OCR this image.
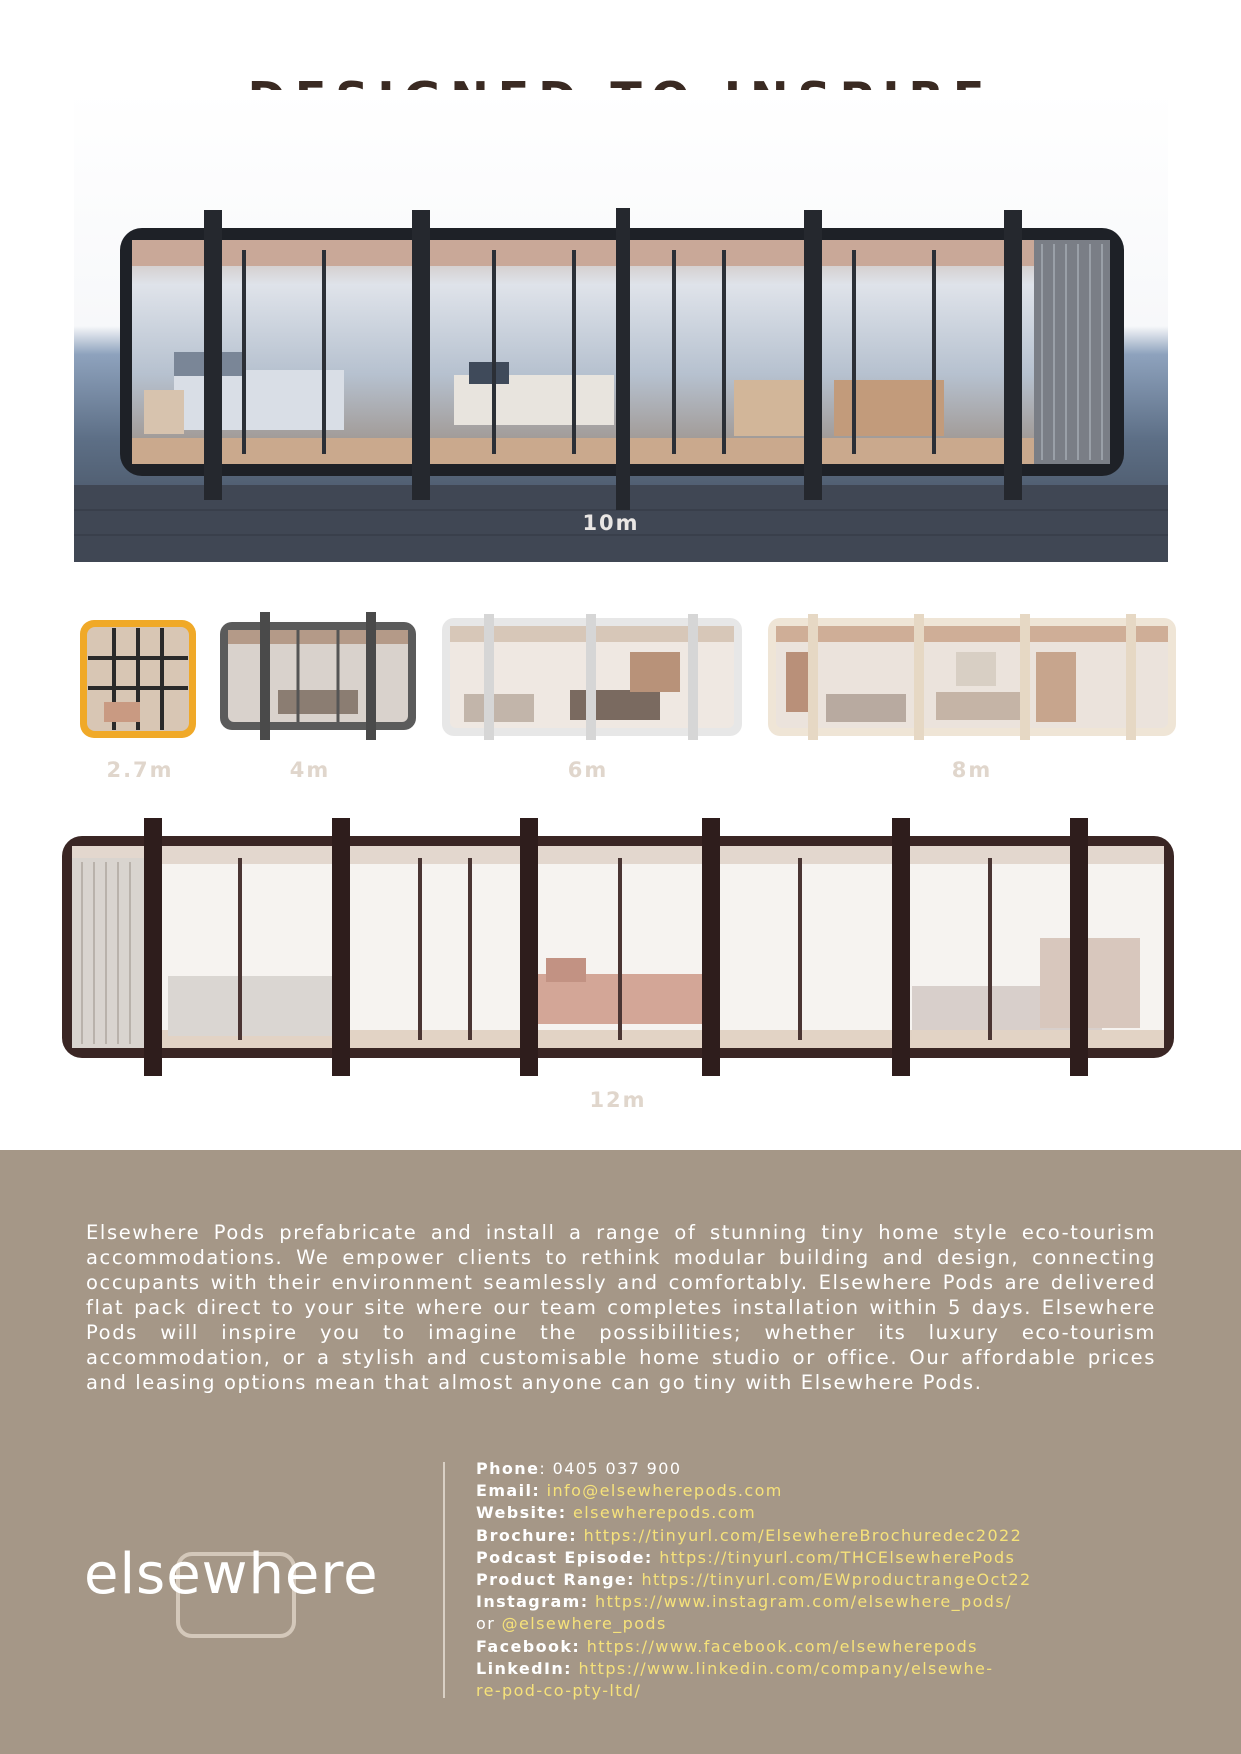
10m
2.7m	4m	6m	8m
12m

Elsewhere Pods prefabricate and install a range of stunning tiny home style eco-tourism accommodations. We empower clients to rethink modular building and design, connecting occupants with their environment seamlessly and comfortably. Elsewhere Pods are delivered flat pack direct to your site where our team completes installation within 5 days. Elsewhere Pods will inspire you to imagine the possibilities; whether its luxury eco-tourism accommodation, or a stylish and customisable home studio or office. Our affordable prices and leasing options mean that almost anyone can go tiny with Elsewhere Pods.

elsewhere
Phone: 0405 037 900
Email: info@elsewherepods.com
Website: elsewherepods.com
Brochure: https://tinyurl.com/ElsewhereBrochuredec2022
Podcast Episode: https://tinyurl.com/THCElsewherePods
Product Range: https://tinyurl.com/EWproductrangeOct22
Instagram: https://www.instagram.com/elsewhere_pods/
or @elsewhere_pods
Facebook: https://www.facebook.com/elsewherepods
LinkedIn: https://www.linkedin.com/company/elsewhe-
re-pod-co-pty-ltd/
